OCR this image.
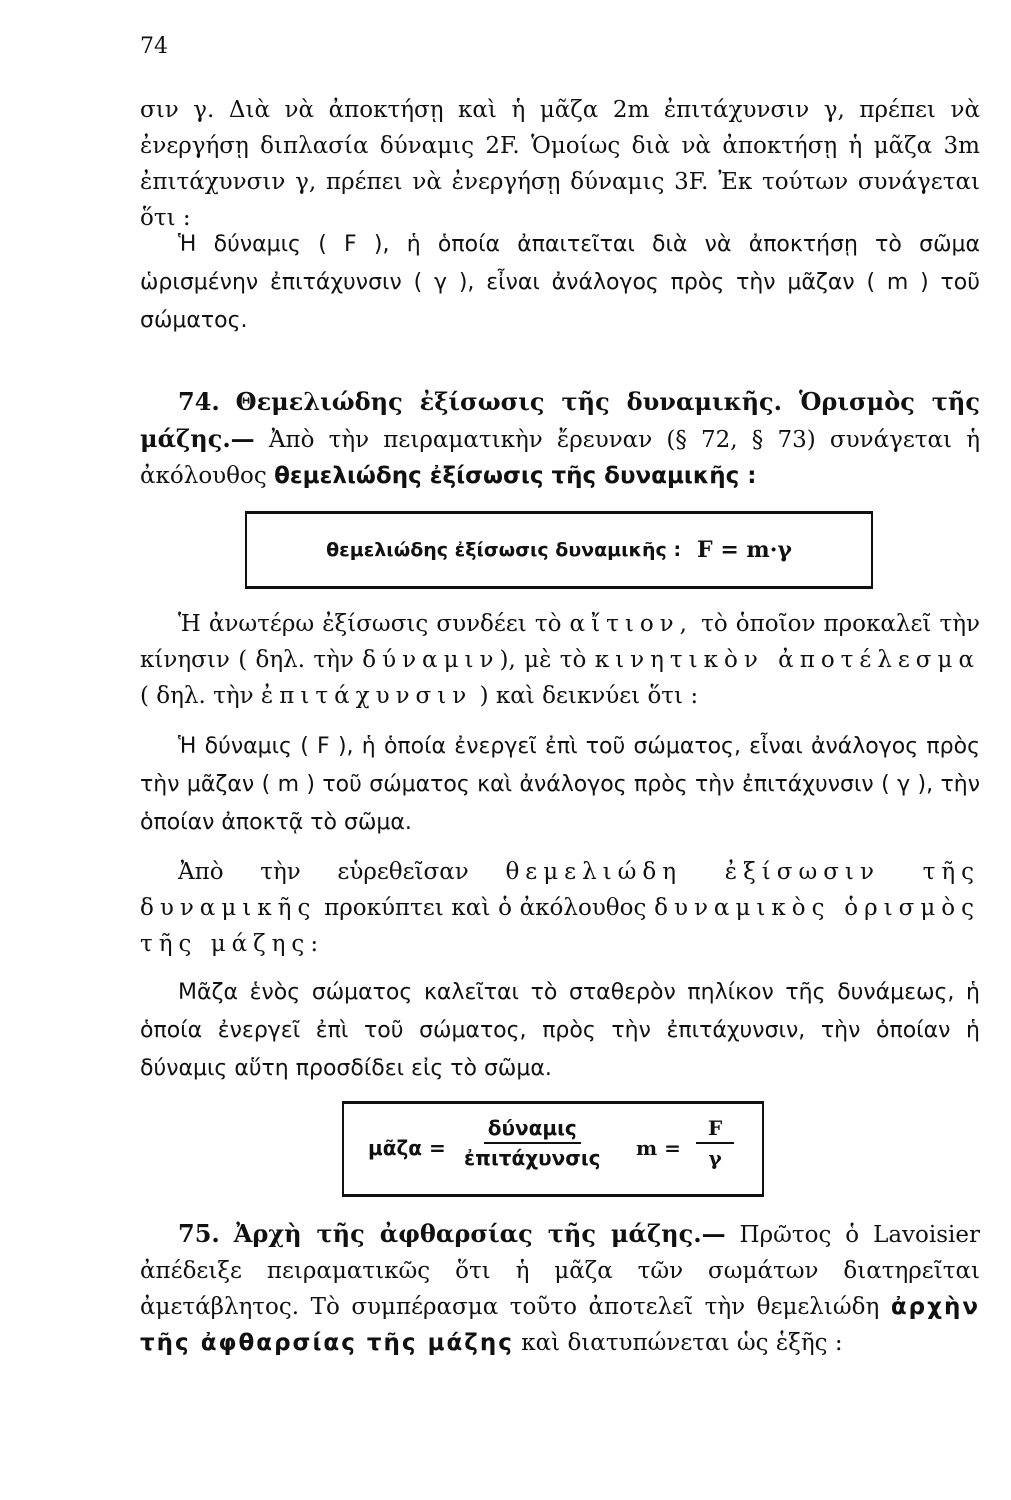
74

σιν γ. Διὰ νὰ ἀποκτήσῃ καὶ ἡ μᾶζα 2m ἐπιτάχυνσιν γ, πρέπει νὰ ἐνεργήσῃ διπλασία δύναμις 2F. Ὁμοίως διὰ νὰ ἀποκτήσῃ ἡ μᾶζα 3m ἐπιτάχυνσιν γ, πρέπει νὰ ἐνεργήσῃ δύναμις 3F. Ἐκ τούτων συνάγεται ὅτι :

Ἡ δύναμις ( F ), ἡ ὁποία ἀπαιτεῖται διὰ νὰ ἀποκτήσῃ τὸ σῶμα ὡρισμένην ἐπιτάχυνσιν ( γ ), εἶναι ἀνάλογος πρὸς τὴν μᾶζαν ( m ) τοῦ σώματος.

74. Θεμελιώδης ἐξίσωσις τῆς δυναμικῆς. Ὁρισμὸς τῆς μάζης.— Ἀπὸ τὴν πειραματικὴν ἔρευναν (§ 72, § 73) συνάγεται ἡ ἀκόλουθος θεμελιώδης ἐξίσωσις τῆς δυναμικῆς :

θεμελιώδης ἐξίσωσις δυναμικῆς : F = m·γ

Ἡ ἀνωτέρω ἐξίσωσις συνδέει τὸ αἴτιον, τὸ ὁποῖον προκαλεῖ τὴν κίνησιν ( δηλ. τὴν δύναμιν), μὲ τὸ κινητικὸν ἀποτέλεσμα ( δηλ. τὴν ἐπιτάχυνσιν ) καὶ δεικνύει ὅτι :

Ἡ δύναμις ( F ), ἡ ὁποία ἐνεργεῖ ἐπὶ τοῦ σώματος, εἶναι ἀνάλογος πρὸς τὴν μᾶζαν ( m ) τοῦ σώματος καὶ ἀνάλογος πρὸς τὴν ἐπιτάχυνσιν ( γ ), τὴν ὁποίαν ἀποκτᾷ τὸ σῶμα.

Ἀπὸ τὴν εὑρεθεῖσαν θεμελιώδη ἐξίσωσιν τῆς δυναμικῆς προκύπτει καὶ ὁ ἀκόλουθος δυναμικὸς ὁρισμὸς τῆς μάζης:

Μᾶζα ἑνὸς σώματος καλεῖται τὸ σταθερὸν πηλίκον τῆς δυνάμεως, ἡ ὁποία ἐνεργεῖ ἐπὶ τοῦ σώματος, πρὸς τὴν ἐπιτάχυνσιν, τὴν ὁποίαν ἡ δύναμις αὕτη προσδίδει εἰς τὸ σῶμα.

μᾶζα =
δύναμις
ἐπιτάχυνσις $m = \frac{F}{\gamma}$

75. Ἀρχὴ τῆς ἀφθαρσίας τῆς μάζης.— Πρῶτος ὁ Lavoisier ἀπέδειξε πειραματικῶς ὅτι ἡ μᾶζα τῶν σωμάτων διατηρεῖται ἀμετάβλητος. Τὸ συμπέρασμα τοῦτο ἀποτελεῖ τὴν θεμελιώδη ἀρχὴν τῆς ἀφθαρσίας τῆς μάζης καὶ διατυπώνεται ὡς ἑξῆς :
